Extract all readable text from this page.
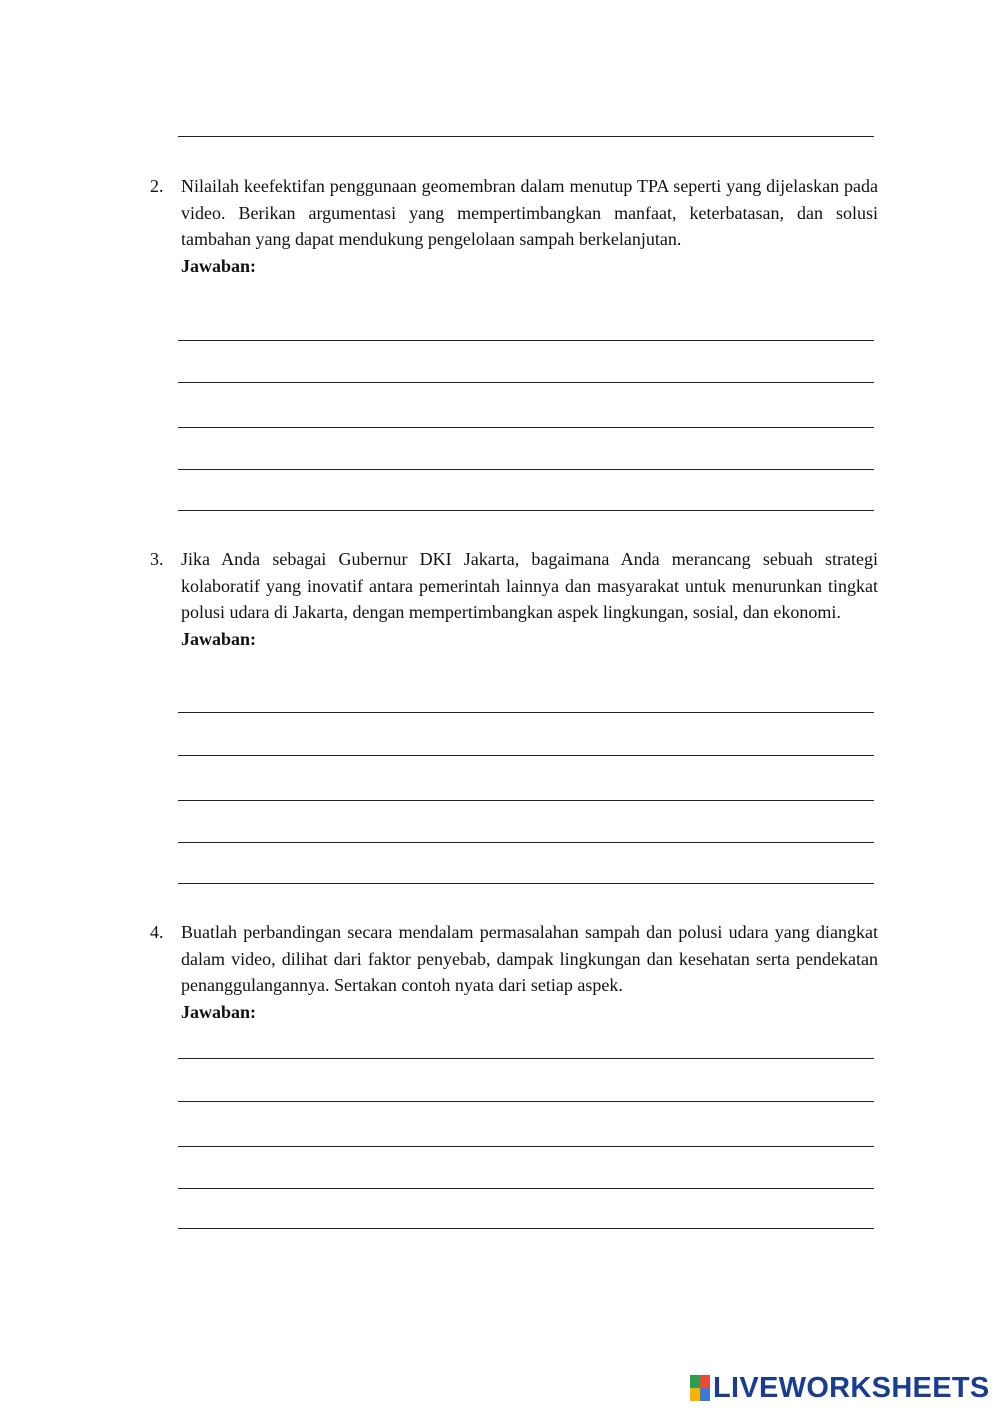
2. Nilailah keefektifan penggunaan geomembran dalam menutup TPA seperti yang dijelaskan pada video. Berikan argumentasi yang mempertimbangkan manfaat, keterbatasan, dan solusi tambahan yang dapat mendukung pengelolaan sampah berkelanjutan.
Jawaban:
3. Jika Anda sebagai Gubernur DKI Jakarta, bagaimana Anda merancang sebuah strategi kolaboratif yang inovatif antara pemerintah lainnya dan masyarakat untuk menurunkan tingkat polusi udara di Jakarta, dengan mempertimbangkan aspek lingkungan, sosial, dan ekonomi.
Jawaban:
4. Buatlah perbandingan secara mendalam permasalahan sampah dan polusi udara yang diangkat dalam video, dilihat dari faktor penyebab, dampak lingkungan dan kesehatan serta pendekatan penanggulangannya. Sertakan contoh nyata dari setiap aspek.
Jawaban:
LIVEWORKSHEETS
